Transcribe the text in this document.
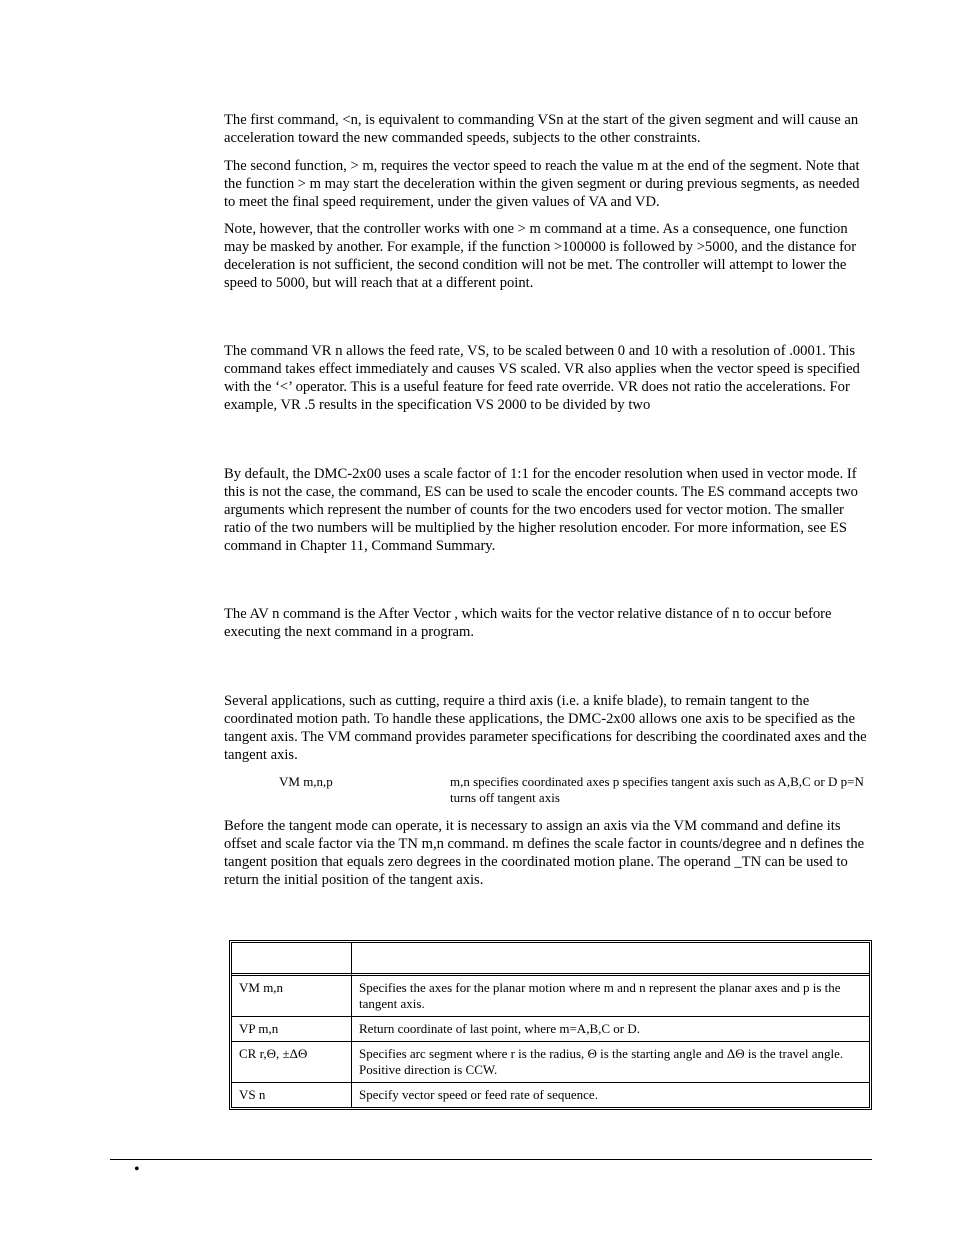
The first command, <n, is equivalent to commanding VSn at the start of the given segment and will cause an acceleration toward the new commanded speeds, subjects to the other constraints.

The second function, > m, requires the vector speed to reach the value m at the end of the segment. Note that the function > m may start the deceleration within the given segment or during previous segments, as needed to meet the final speed requirement, under the given values of VA and VD.

Note, however, that the controller works with one > m command at a time. As a consequence, one function may be masked by another. For example, if the function >100000 is followed by >5000, and the distance for deceleration is not sufficient, the second condition will not be met. The controller will attempt to lower the speed to 5000, but will reach that at a different point.

The command VR n allows the feed rate, VS, to be scaled between 0 and 10 with a resolution of .0001. This command takes effect immediately and causes VS scaled. VR also applies when the vector speed is specified with the ‘<’ operator. This is a useful feature for feed rate override. VR does not ratio the accelerations. For example, VR .5 results in the specification VS 2000 to be divided by two

By default, the DMC-2x00 uses a scale factor of 1:1 for the encoder resolution when used in vector mode. If this is not the case, the command, ES can be used to scale the encoder counts. The ES command accepts two arguments which represent the number of counts for the two encoders used for vector motion. The smaller ratio of the two numbers will be multiplied by the higher resolution encoder. For more information, see ES command in Chapter 11, Command Summary.

The AV n command is the After Vector , which waits for the vector relative distance of n to occur before executing the next command in a program.

Several applications, such as cutting, require a third axis (i.e. a knife blade), to remain tangent to the coordinated motion path. To handle these applications, the DMC-2x00 allows one axis to be specified as the tangent axis. The VM command provides parameter specifications for describing the coordinated axes and the tangent axis.

VM m,n,p	m,n specifies coordinated axes p specifies tangent axis such as A,B,C or D p=N turns off tangent axis

Before the tangent mode can operate, it is necessary to assign an axis via the VM command and define its offset and scale factor via the TN m,n command. m defines the scale factor in counts/degree and n defines the tangent position that equals zero degrees in the coordinated motion plane. The operand _TN can be used to return the initial position of the tangent axis.

VM m,n	Specifies the axes for the planar motion where m and n represent the planar axes and p is the tangent axis.
VP m,n	Return coordinate of last point, where m=A,B,C or D.
CR r,Θ, ±ΔΘ	Specifies arc segment where r is the radius, Θ is the starting angle and ΔΘ is the travel angle. Positive direction is CCW.
VS n	Specify vector speed or feed rate of sequence.
•
